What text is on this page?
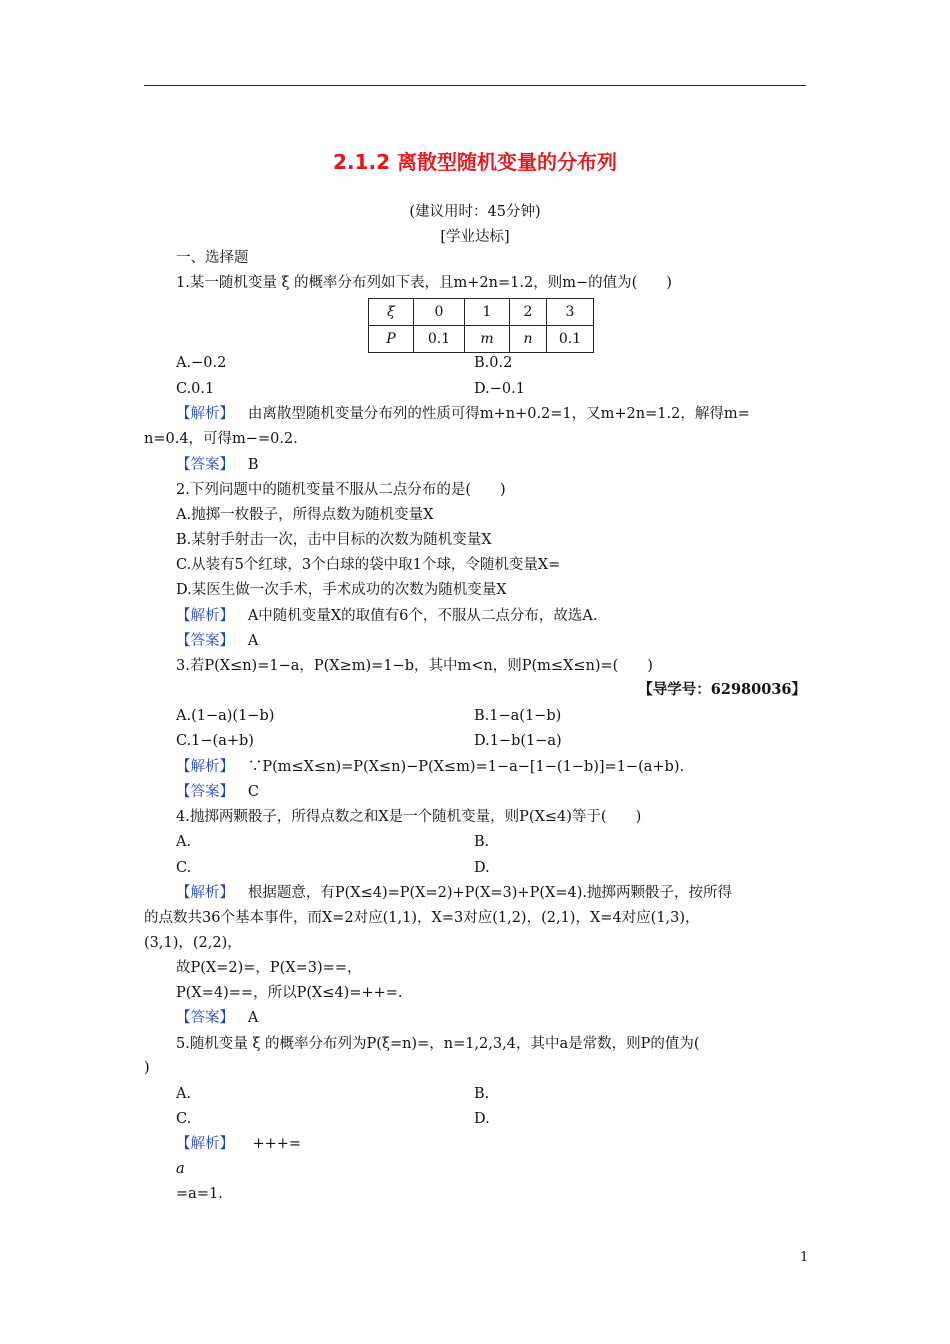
2.1.2 离散型随机变量的分布列
(建议用时：45分钟)
[学业达标]
一、选择题
1.某一随机变量 ξ 的概率分布列如下表，且m+2n=1.2，则m−的值为(　　)
ξ	0	1	2	3
P	0.1	m	n	0.1
A.−0.2	B.0.2
C.0.1	D.−0.1
【解析】 由离散型随机变量分布列的性质可得m+n+0.2=1，又m+2n=1.2，解得m=
n=0.4，可得m−=0.2.
【答案】 B
2.下列问题中的随机变量不服从二点分布的是(　　)
A.抛掷一枚骰子，所得点数为随机变量X
B.某射手射击一次，击中目标的次数为随机变量X
C.从装有5个红球，3个白球的袋中取1个球，令随机变量X=
D.某医生做一次手术，手术成功的次数为随机变量X
【解析】 A中随机变量X的取值有6个，不服从二点分布，故选A.
【答案】 A
3.若P(X≤n)=1−a，P(X≥m)=1−b，其中m<n，则P(m≤X≤n)=(　　)
【导学号：62980036】
A.(1−a)(1−b)	B.1−a(1−b)
C.1−(a+b)	D.1−b(1−a)
【解析】 ∵P(m≤X≤n)=P(X≤n)−P(X≤m)=1−a−[1−(1−b)]=1−(a+b).
【答案】 C
4.抛掷两颗骰子，所得点数之和X是一个随机变量，则P(X≤4)等于(　　)
A.	B.
C.	D.
【解析】 根据题意，有P(X≤4)=P(X=2)+P(X=3)+P(X=4).抛掷两颗骰子，按所得
的点数共36个基本事件，而X=2对应(1,1)，X=3对应(1,2)，(2,1)，X=4对应(1,3)，
(3,1)，(2,2)，
故P(X=2)=，P(X=3)==，
P(X=4)==，所以P(X≤4)=++=.
【答案】 A
5.随机变量 ξ 的概率分布列为P(ξ=n)=，n=1,2,3,4，其中a是常数，则P的值为(
)
A.	B.
C.	D.
【解析】 +++=
a
=a=1.
1
